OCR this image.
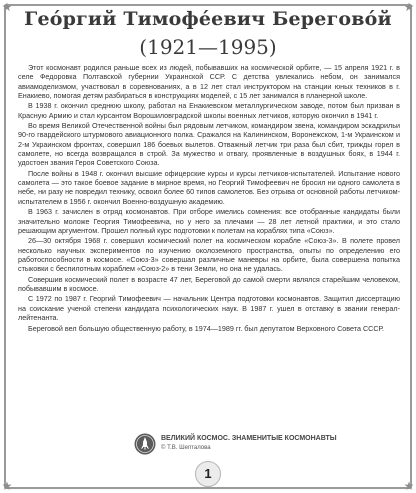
★	★
★	★
Гео́ргий Тимофе́евич Берегово́й
(1921—1995)

Этот космонавт родился раньше всех из людей, побывавших на космической орбите, — 15 апреля 1921 г. в селе Федоровка Полтавской губернии Украинской ССР. С детства увлекались небом, он занимался авиамоделизмом, участвовал в соревнованиях, а в 12 лет стал инструктором на станции юных техников в г. Енакиево, помогая детям разбираться в конструкциях моделей, с 15 лет занимался в планерной школе.

В 1938 г. окончил среднюю школу, работал на Енакиевском металлургическом заводе, потом был призван в Красную Армию и стал курсантом Ворошиловградской школы военных летчиков, которую окончил в 1941 г.

Во время Великой Отечественной войны был рядовым летчиком, командиром звена, командиром эскадрильи 90-го гвардейского штурмового авиационного полка. Сражался на Калининском, Воронежском, 1-м Украинском и 2-м Украинском фронтах, совершил 186 боевых вылетов. Отважный летчик три раза был сбит, трижды горел в самолете, но всегда возвращался в строй. За мужество и отвагу, проявленные в воздушных боях, в 1944 г. удостоен звания Героя Советского Союза.

После войны в 1948 г. окончил высшие офицерские курсы и курсы летчиков-испытателей. Испытание нового самолета — это такое боевое задание в мирное время, но Георгий Тимофеевич не бросил ни одного самолета в небе, ни разу не повредил технику, освоил более 60 типов самолетов. Без отрыва от основной работы летчиком-испытателем в 1956 г. окончил Военно-воздушную академию.

В 1963 г. зачислен в отряд космонавтов. При отборе имелись сомнения: все отобранные кандидаты были значительно моложе Георгия Тимофеевича, но у него за плечами — 28 лет летной практики, и это стало решающим аргументом. Прошел полный курс подготовки к полетам на кораблях типа «Союз».

26—30 октября 1968 г. совершил космический полет на космическом корабле «Союз-3». В полете провел несколько научных экспериментов по изучению околоземного пространства, опыты по определению его работоспособности в космосе. «Союз-3» совершал различные маневры на орбите, была совершена попытка стыковки с беспилотным кораблем «Союз-2» в тени Земли, но она не удалась.

Совершив космический полет в возрасте 47 лет, Береговой до самой смерти являлся старейшим человеком, побывавшим в космосе.

С 1972 по 1987 г. Георгий Тимофеевич — начальник Центра подготовки космонавтов. Защитил диссертацию на соискание ученой степени кандидата психологических наук. В 1987 г. ушел в отставку в звании генерал-лейтенанта.

Береговой вел большую общественную работу, в 1974—1989 гг. был депутатом Верховного Совета СССР.

ВЕЛИКИЙ КОСМОС. ЗНАМЕНИТЫЕ КОСМОНАВТЫ
© Т.В. Шепталова
1
